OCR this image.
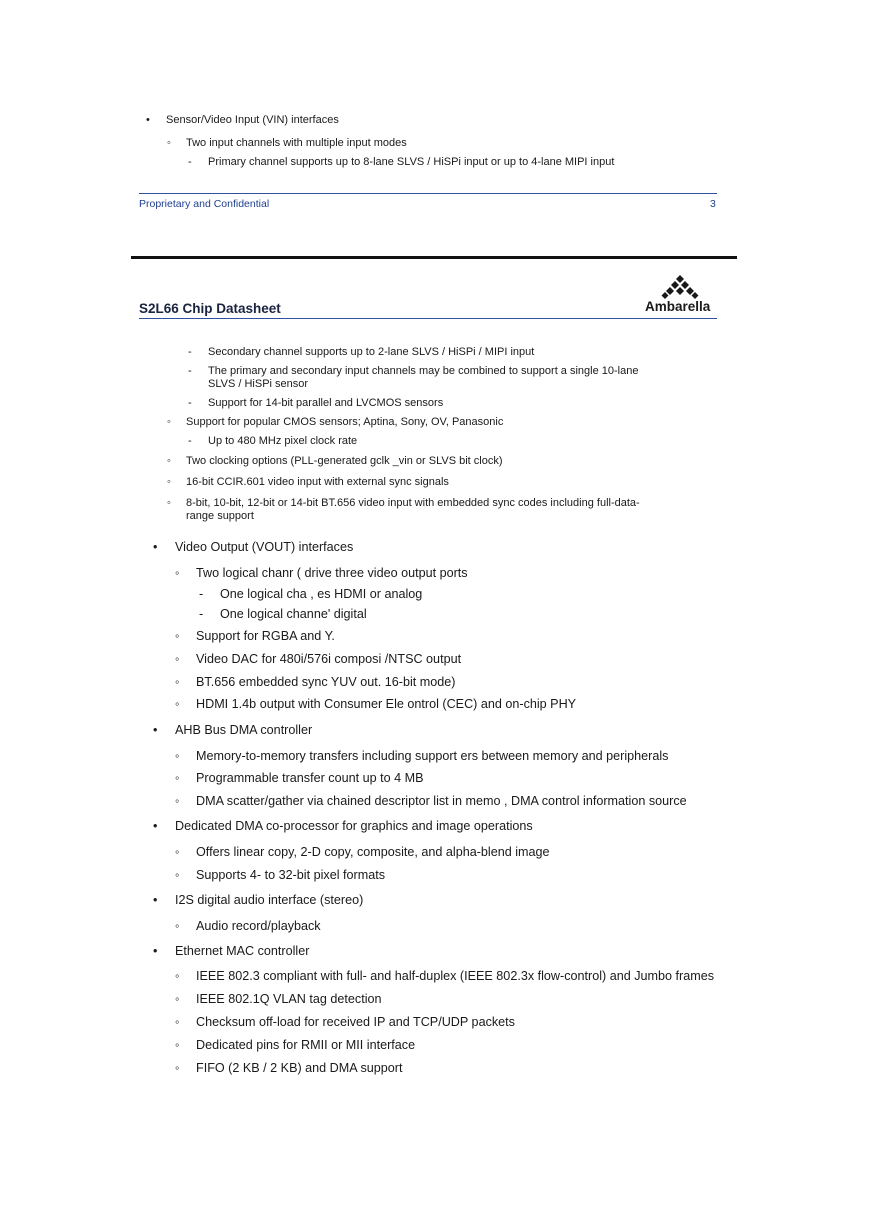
• Sensor/Video Input (VIN) interfaces
◦ Two input channels with multiple input modes
- Primary channel supports up to 8-lane SLVS / HiSPi input or up to 4-lane MIPI input
Proprietary and Confidential	3
S2L66 Chip Datasheet	Ambarella
- Secondary channel supports up to 2-lane SLVS / HiSPi / MIPI input
- The primary and secondary input channels may be combined to support a single 10-lane
SLVS / HiSPi sensor
- Support for 14-bit parallel and LVCMOS sensors
◦ Support for popular CMOS sensors; Aptina, Sony, OV, Panasonic
- Up to 480 MHz pixel clock rate
◦ Two clocking options (PLL-generated gclk _vin or SLVS bit clock)
◦ 16-bit CCIR.601 video input with external sync signals
◦ 8-bit, 10-bit, 12-bit or 14-bit BT.656 video input with embedded sync codes including full-data-
range support
• Video Output (VOUT) interfaces
◦ Two logical chanr ( drive three video output ports
- One logical cha , es HDMI or analog
- One logical channe' digital
◦ Support for RGBA and Y.
◦ Video DAC for 480i/576i composi /NTSC output
◦ BT.656 embedded sync YUV out. 16-bit mode)
◦ HDMI 1.4b output with Consumer Ele ontrol (CEC) and on-chip PHY
• AHB Bus DMA controller
◦ Memory-to-memory transfers including support ers between memory and peripherals
◦ Programmable transfer count up to 4 MB
◦ DMA scatter/gather via chained descriptor list in memo , DMA control information source
• Dedicated DMA co-processor for graphics and image operations
◦ Offers linear copy, 2-D copy, composite, and alpha-blend image
◦ Supports 4- to 32-bit pixel formats
• I2S digital audio interface (stereo)
◦ Audio record/playback
• Ethernet MAC controller
◦ IEEE 802.3 compliant with full- and half-duplex (IEEE 802.3x flow-control) and Jumbo frames
◦ IEEE 802.1Q VLAN tag detection
◦ Checksum off-load for received IP and TCP/UDP packets
◦ Dedicated pins for RMII or MII interface
◦ FIFO (2 KB / 2 KB) and DMA support
